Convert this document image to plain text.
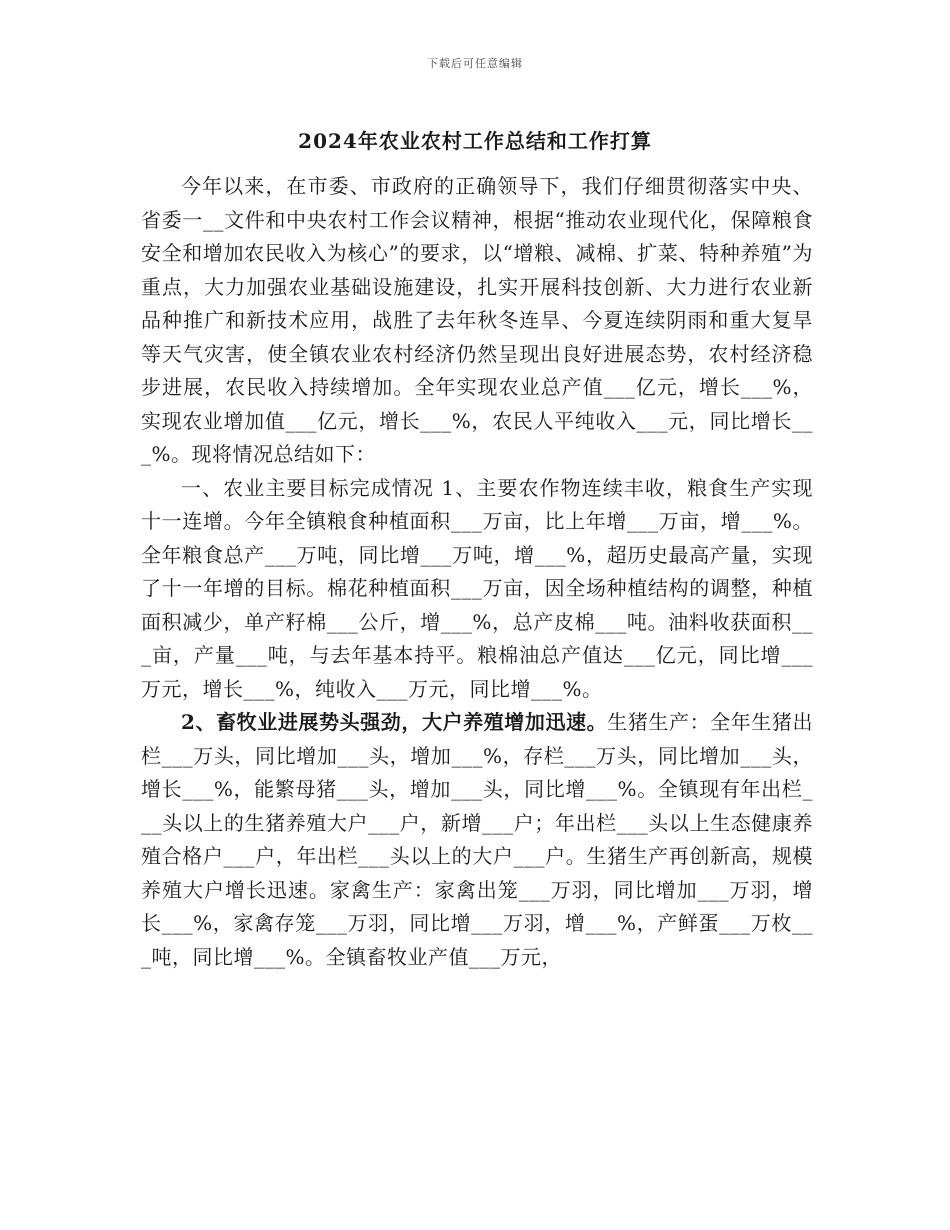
下载后可任意编辑
2024年农业农村工作总结和工作打算

今年以来，在市委、市政府的正确领导下，我们仔细贯彻落实中央、省委一__文件和中央农村工作会议精神，根据“推动农业现代化，保障粮食安全和增加农民收入为核心”的要求，以“增粮、减棉、扩菜、特种养殖”为重点，大力加强农业基础设施建设，扎实开展科技创新、大力进行农业新品种推广和新技术应用，战胜了去年秋冬连旱、今夏连续阴雨和重大复旱等天气灾害，使全镇农业农村经济仍然呈现出良好进展态势，农村经济稳步进展，农民收入持续增加。全年实现农业总产值___亿元，增长___%，实现农业增加值___亿元，增长___%，农民人平纯收入___元，同比增长___%。现将情况总结如下：

一、农业主要目标完成情况 1、主要农作物连续丰收，粮食生产实现十一连增。今年全镇粮食种植面积___万亩，比上年增___万亩，增___%。全年粮食总产___万吨，同比增___万吨，增___%，超历史最高产量，实现了十一年增的目标。棉花种植面积___万亩，因全场种植结构的调整，种植面积减少，单产籽棉___公斤，增___%，总产皮棉___吨。油料收获面积___亩，产量___吨，与去年基本持平。粮棉油总产值达___亿元，同比增___万元，增长___%，纯收入___万元，同比增___%。

2、畜牧业进展势头强劲，大户养殖增加迅速。生猪生产：全年生猪出栏___万头，同比增加___头，增加___%，存栏___万头，同比增加___头，增长___%，能繁母猪___头，增加___头，同比增___%。全镇现有年出栏___头以上的生猪养殖大户___户，新增___户；年出栏___头以上生态健康养殖合格户___户，年出栏___头以上的大户___户。生猪生产再创新高，规模养殖大户增长迅速。家禽生产：家禽出笼___万羽，同比增加___万羽，增长___%，家禽存笼___万羽，同比增___万羽，增___%，产鲜蛋___万枚___吨，同比增___%。全镇畜牧业产值___万元，
